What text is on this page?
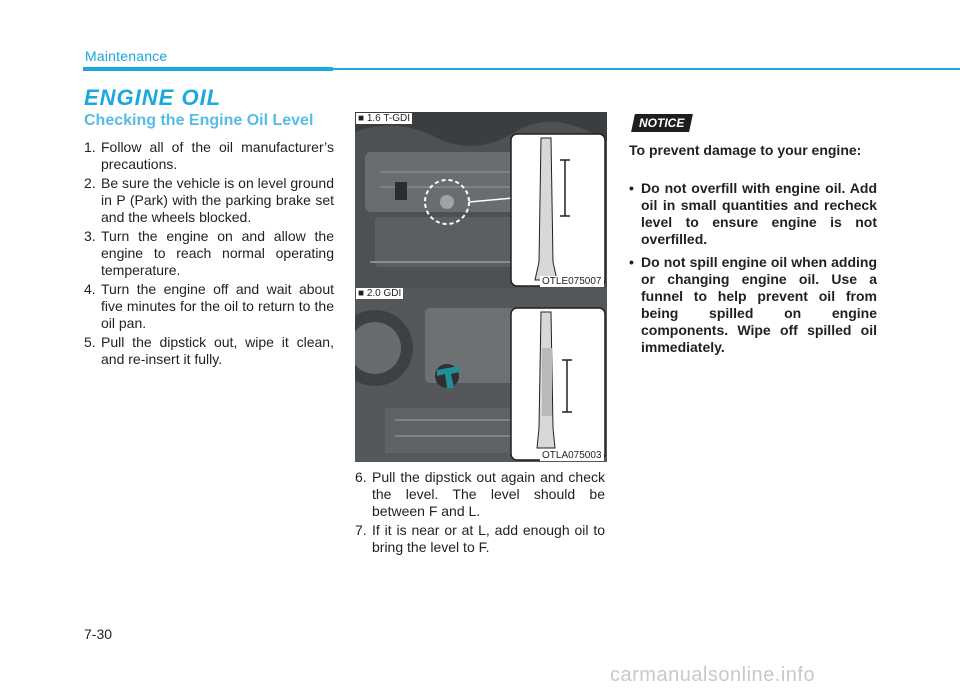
Maintenance
ENGINE OIL
Checking the Engine Oil Level
1. Follow all of the oil manufacturer’s precautions.
2. Be sure the vehicle is on level ground in P (Park) with the parking brake set and the wheels blocked.
3. Turn the engine on and allow the engine to reach normal operating temperature.
4. Turn the engine off and wait about five minutes for the oil to return to the oil pan.
5. Pull the dipstick out, wipe it clean, and re-insert it fully.
■ 1.6 T-GDI
OTLE075007
■ 2.0 GDI
OTLA075003
6. Pull the dipstick out again and check the level. The level should be between F and L.
7. If it is near or at L, add enough oil to bring the level to F.
NOTICE
To prevent damage to your engine:
• Do not overfill with engine oil. Add oil in small quantities and recheck level to ensure engine is not overfilled.
• Do not spill engine oil when adding or changing engine oil. Use a funnel to help prevent oil from being spilled on engine components. Wipe off spilled oil immediately.
7-30
carmanualsonline.info
